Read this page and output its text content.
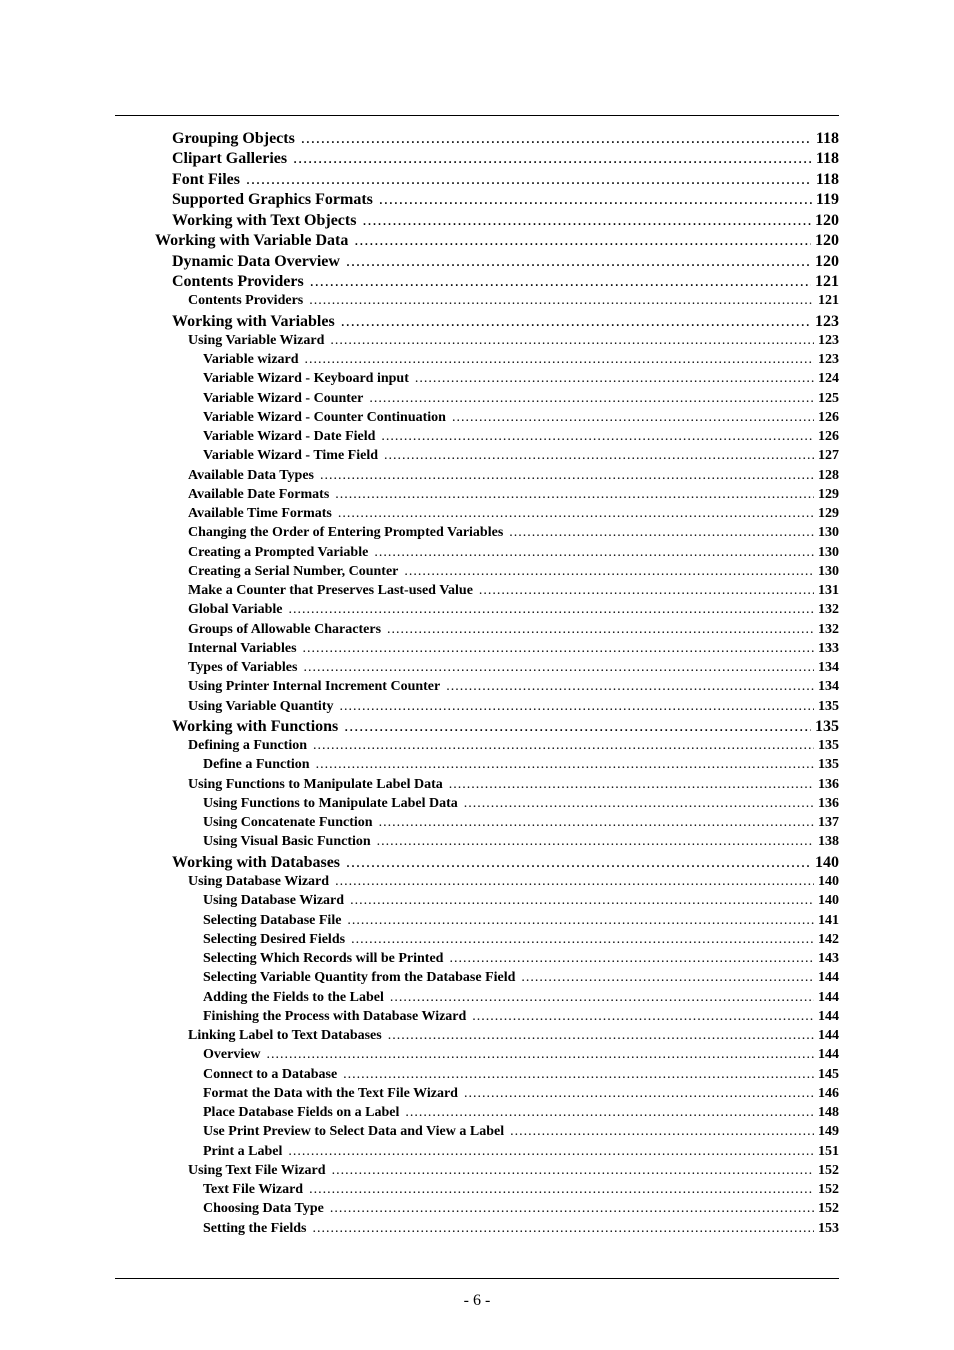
Grouping Objects .....	118
Clipart Galleries .....	118
Font Files .....	118
Supported Graphics Formats .....	119
Working with Text Objects .....	120
Working with Variable Data .....	120
Dynamic Data Overview .....	120
Contents Providers .....	121
Contents Providers .....	121
Working with Variables .....	123
Using Variable Wizard .....	123
Variable wizard .....	123
Variable Wizard - Keyboard input .....	124
Variable Wizard - Counter .....	125
Variable Wizard - Counter Continuation .....	126
Variable Wizard - Date Field .....	126
Variable Wizard - Time Field .....	127
Available Data Types .....	128
Available Date Formats .....	129
Available Time Formats .....	129
Changing the Order of Entering Prompted Variables .....	130
Creating a Prompted Variable .....	130
Creating a Serial Number, Counter .....	130
Make a Counter that Preserves Last-used Value .....	131
Global Variable .....	132
Groups of Allowable Characters .....	132
Internal Variables .....	133
Types of Variables .....	134
Using Printer Internal Increment Counter .....	134
Using Variable Quantity .....	135
Working with Functions .....	135
Defining a Function .....	135
Define a Function .....	135
Using Functions to Manipulate Label Data .....	136
Using Functions to Manipulate Label Data .....	136
Using Concatenate Function .....	137
Using Visual Basic Function .....	138
Working with Databases .....	140
Using Database Wizard .....	140
Using Database Wizard .....	140
Selecting Database File .....	141
Selecting Desired Fields .....	142
Selecting Which Records will be Printed .....	143
Selecting Variable Quantity from the Database Field .....	144
Adding the Fields to the Label .....	144
Finishing the Process with Database Wizard .....	144
Linking Label to Text Databases .....	144
Overview .....	144
Connect to a Database .....	145
Format the Data with the Text File Wizard .....	146
Place Database Fields on a Label .....	148
Use Print Preview to Select Data and View a Label .....	149
Print a Label .....	151
Using Text File Wizard .....	152
Text File Wizard .....	152
Choosing Data Type .....	152
Setting the Fields .....	153
- 6 -
